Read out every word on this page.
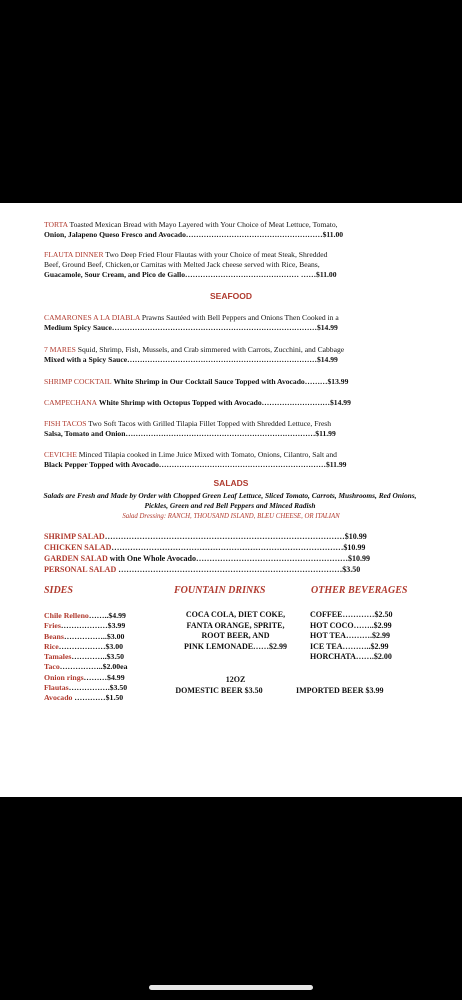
TORTA Toasted Mexican Bread with Mayo Layered with Your Choice of Meat Lettuce, Tomato,
Onion, Jalapeno Queso Fresco and Avocado………………………………………………$11.00
FLAUTA DINNER Two Deep Fried Flour Flautas with your Choice of meat Steak, Shredded
Beef, Ground Beef, Chicken,or Carnitas with Melted Jack cheese served with Rice, Beans,
Guacamole, Sour Cream, and Pico de Gallo……………………………………… ……$11.00
SEAFOOD
CAMARONES A LA DIABLA Prawns Sautéed with Bell Peppers and Onions Then Cooked in a
Medium Spicy Sauce………………………………………………………………………$14.99
7 MARES Squid, Shrimp, Fish, Mussels, and Crab simmered with Carrots, Zucchini, and Cabbage
Mixed with a Spicy Sauce…………………………………………………………………$14.99
SHRIMP COCKTAIL White Shrimp in Our Cocktail Sauce Topped with Avocado………$13.99
CAMPECHANA White Shrimp with Octopus Topped with Avocado………………………$14.99
FISH TACOS Two Soft Tacos with Grilled Tilapia Fillet Topped with Shredded Lettuce, Fresh
Salsa, Tomato and Onion…………………………………………………………………$11.99
CEVICHE Minced Tilapia cooked in Lime Juice Mixed with Tomato, Onions, Cilantro, Salt and
Black Pepper Topped with Avocado…………………………………………………………$11.99
SALADS
Salads are Fresh and Made by Order with Chopped Green Leaf Lettuce, Sliced Tomato, Carrots, Mushrooms, Red Onions, Pickles, Green and red Bell Peppers and Minced Radish
Salad Dressing: RANCH, THOUSAND ISLAND, BLEU CHEESE, OR ITALIAN
SHRIMP SALAD………………………………………………………………………………$10.99
CHICKEN SALAD……………………………………………………………………………$10.99
GARDEN SALAD with One Whole Avocado…………………………………………………$10.99
PERSONAL SALAD …………………………………………………………………………$3.50
SIDES	FOUNTAIN DRINKS	OTHER BEVERAGES
Chile Relleno……..$4.99
Fries………………$3.99
Beans……………..$3.00
Rice………………$3.00
Tamales…………..$3.50
Taco……………..$2.00ea
Onion rings………$4.99
Flautas…………….$3.50
Avocado …………$1.50
COCA COLA, DIET COKE,
FANTA ORANGE, SPRITE,
ROOT BEER, AND
PINK LEMONADE……$2.99
12OZ
DOMESTIC BEER $3.50
COFFEE…………$2.50
HOT COCO……..$2.99
HOT TEA……….$2.99
ICE TEA………..$2.99
HORCHATA…….$2.00
IMPORTED BEER $3.99
